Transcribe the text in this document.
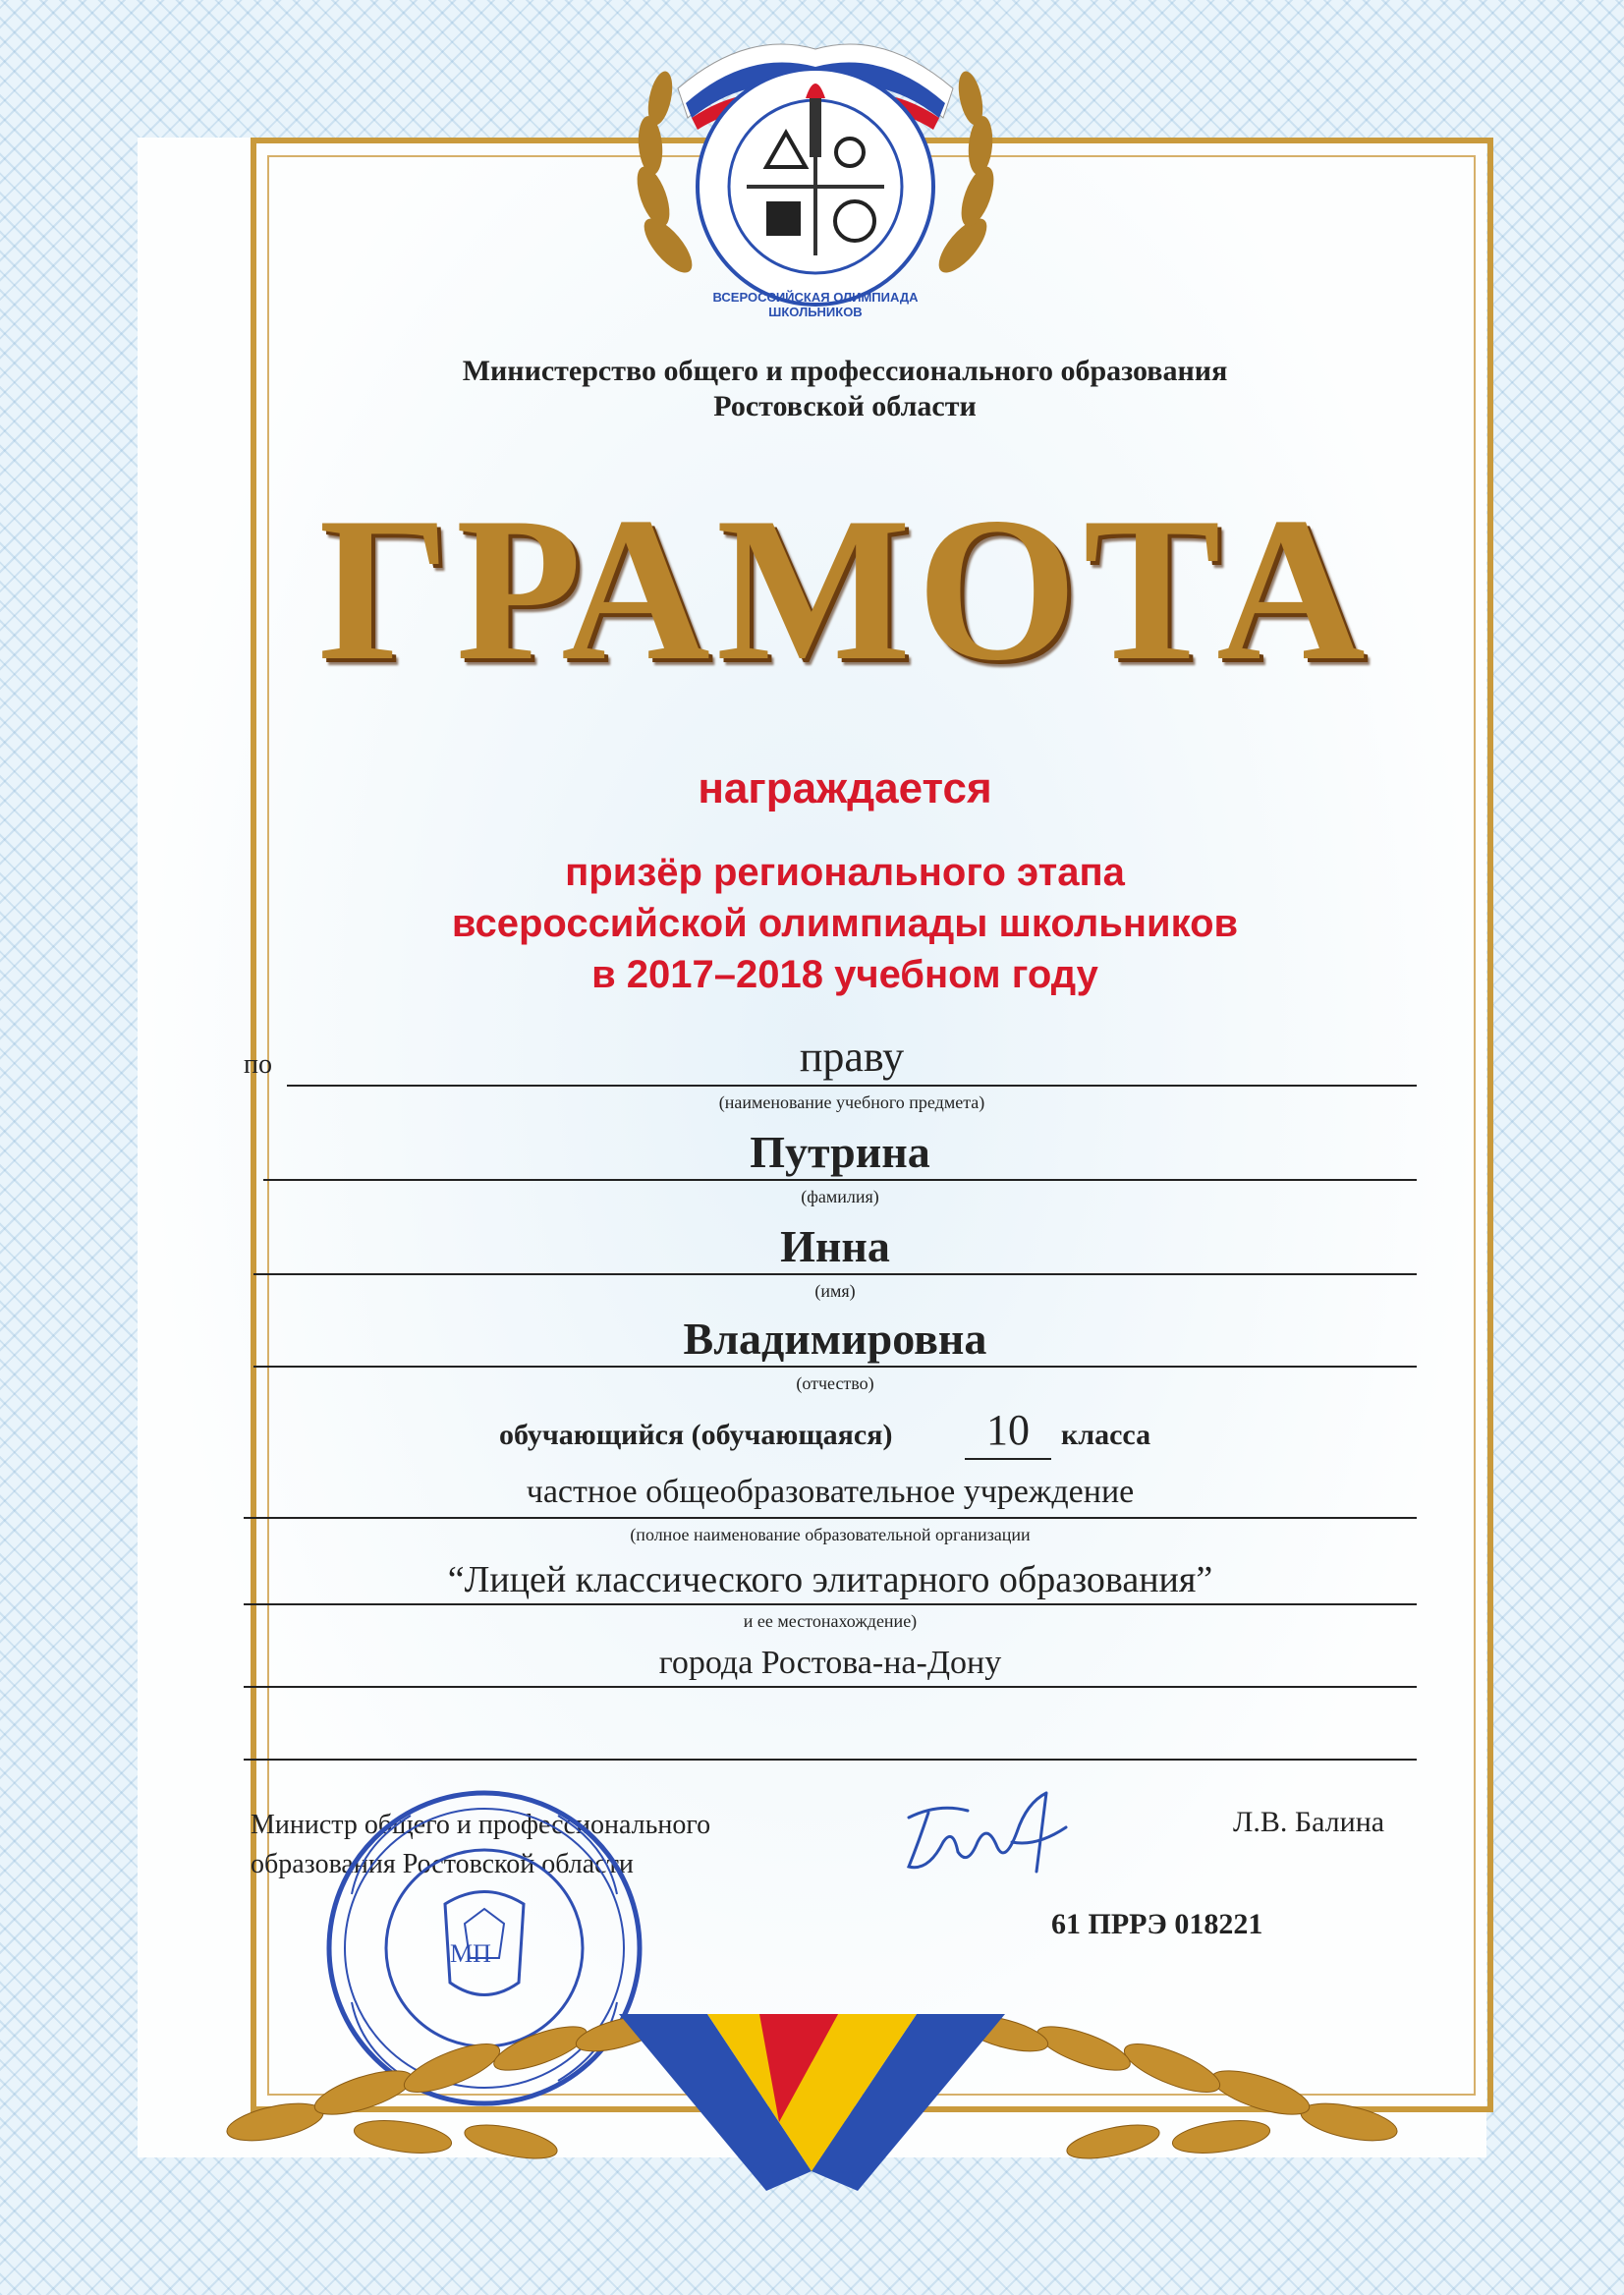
ВСЕРОССИЙСКАЯ ОЛИМПИАДА ШКОЛЬНИКОВ
Министерство общего и профессионального образования
Ростовской области
ГРАМОТА
награждается
призёр регионального этапа
всероссийской олимпиады школьников
в 2017–2018 учебном году
по	праву
(наименование учебного предмета)
Путрина
(фамилия)
Инна
(имя)
Владимировна
(отчество)
обучающийся (обучающаяся)	10	класса
частное общеобразовательное учреждение
(полное наименование образовательной организации
“Лицей классического элитарного образования”
и ее местонахождение)
города Ростова-на-Дону
Министр общего и профессионального
образования Ростовской области
Л.В. Балина
61 ПРРЭ 018221
МП
